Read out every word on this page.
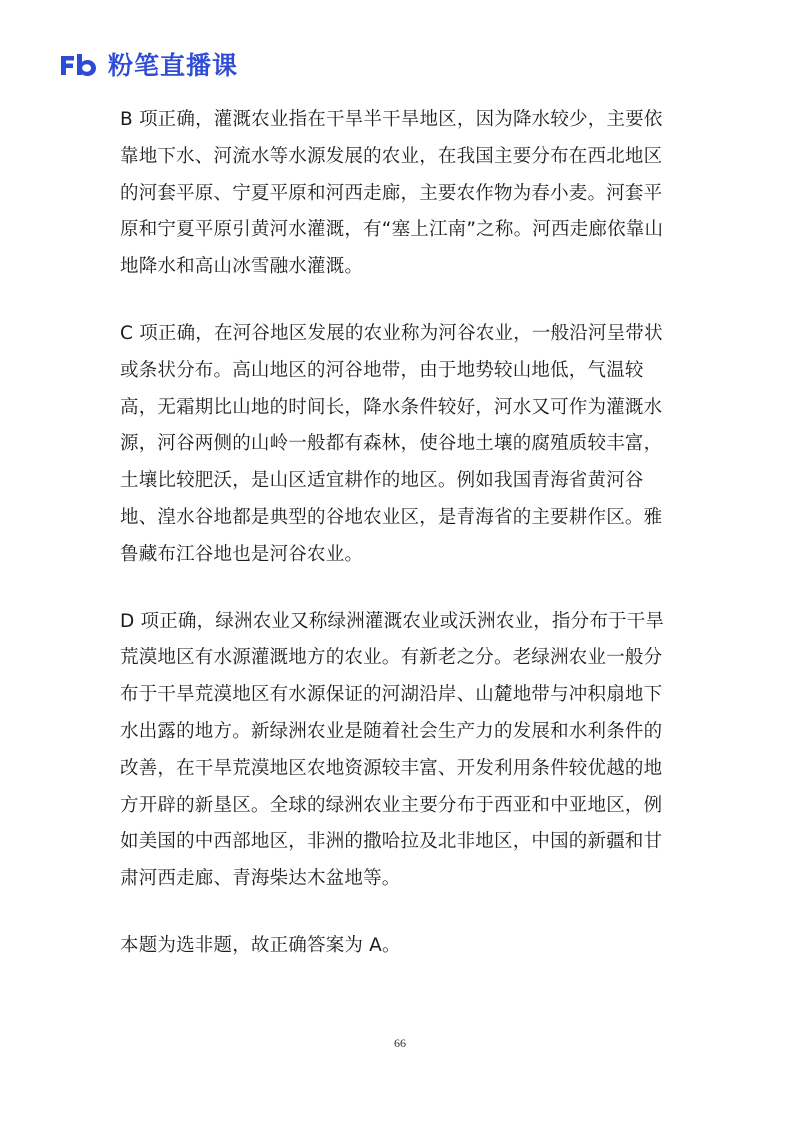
粉笔直播课

B 项正确，灌溉农业指在干旱半干旱地区，因为降水较少，主要依靠地下水、河流水等水源发展的农业，在我国主要分布在西北地区的河套平原、宁夏平原和河西走廊，主要农作物为春小麦。河套平原和宁夏平原引黄河水灌溉，有“塞上江南”之称。河西走廊依靠山地降水和高山冰雪融水灌溉。

C 项正确，在河谷地区发展的农业称为河谷农业，一般沿河呈带状或条状分布。高山地区的河谷地带，由于地势较山地低，气温较高，无霜期比山地的时间长，降水条件较好，河水又可作为灌溉水源，河谷两侧的山岭一般都有森林，使谷地土壤的腐殖质较丰富，土壤比较肥沃，是山区适宜耕作的地区。例如我国青海省黄河谷地、湟水谷地都是典型的谷地农业区，是青海省的主要耕作区。雅鲁藏布江谷地也是河谷农业。

D 项正确，绿洲农业又称绿洲灌溉农业或沃洲农业，指分布于干旱荒漠地区有水源灌溉地方的农业。有新老之分。老绿洲农业一般分布于干旱荒漠地区有水源保证的河湖沿岸、山麓地带与冲积扇地下水出露的地方。新绿洲农业是随着社会生产力的发展和水利条件的改善，在干旱荒漠地区农地资源较丰富、开发利用条件较优越的地方开辟的新垦区。全球的绿洲农业主要分布于西亚和中亚地区，例如美国的中西部地区，非洲的撒哈拉及北非地区，中国的新疆和甘肃河西走廊、青海柴达木盆地等。

本题为选非题，故正确答案为 A。

66
